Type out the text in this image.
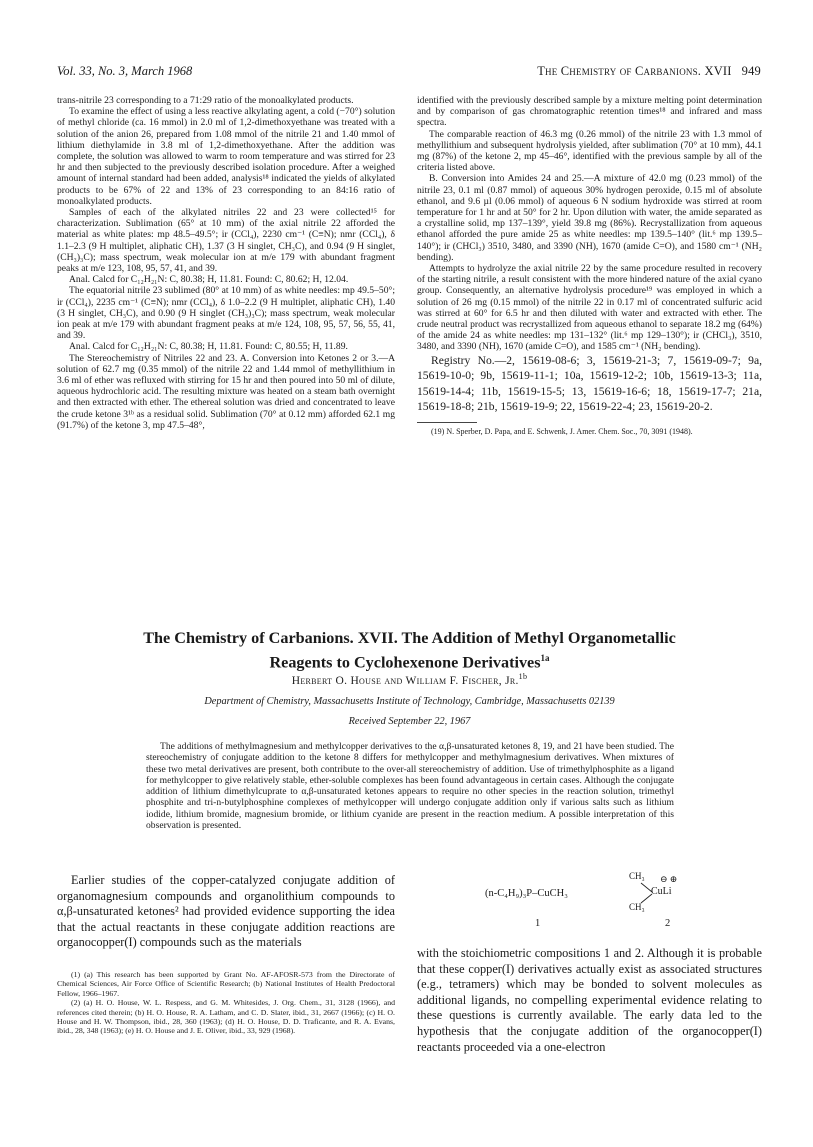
Vol. 33, No. 3, March 1968	The Chemistry of Carbanions. XVII 949

trans-nitrile 23 corresponding to a 71:29 ratio of the monoalkylated products.

To examine the effect of using a less reactive alkylating agent, a cold (−70°) solution of methyl chloride (ca. 16 mmol) in 2.0 ml of 1,2-dimethoxyethane was treated with a solution of the anion 26, prepared from 1.08 mmol of the nitrile 21 and 1.40 mmol of lithium diethylamide in 3.8 ml of 1,2-dimethoxyethane. After the addition was complete, the solution was allowed to warm to room temperature and was stirred for 23 hr and then subjected to the previously described isolation procedure. After a weighed amount of internal standard had been added, analysis¹⁸ indicated the yields of alkylated products to be 67% of 22 and 13% of 23 corresponding to an 84:16 ratio of monoalkylated products.

Samples of each of the alkylated nitriles 22 and 23 were collected¹⁵ for characterization. Sublimation (65° at 10 mm) of the axial nitrile 22 afforded the material as white plates: mp 48.5–49.5°; ir (CCl₄), 2230 cm⁻¹ (C≡N); nmr (CCl₄), δ 1.1–2.3 (9 H multiplet, aliphatic CH), 1.37 (3 H singlet, CH₃C), and 0.94 (9 H singlet, (CH₃)₃C); mass spectrum, weak molecular ion at m/e 179 with abundant fragment peaks at m/e 123, 108, 95, 57, 41, and 39.

Anal. Calcd for C₁₂H₂₁N: C, 80.38; H, 11.81. Found: C, 80.62; H, 12.04.

The equatorial nitrile 23 sublimed (80° at 10 mm) of as white needles: mp 49.5–50°; ir (CCl₄), 2235 cm⁻¹ (C≡N); nmr (CCl₄), δ 1.0–2.2 (9 H multiplet, aliphatic CH), 1.40 (3 H singlet, CH₃C), and 0.90 (9 H singlet (CH₃)₃C); mass spectrum, weak molecular ion peak at m/e 179 with abundant fragment peaks at m/e 124, 108, 95, 57, 56, 55, 41, and 39.

Anal. Calcd for C₁₂H₂₁N: C, 80.38; H, 11.81. Found: C, 80.55; H, 11.89.

The Stereochemistry of Nitriles 22 and 23. A. Conversion into Ketones 2 or 3.—A solution of 62.7 mg (0.35 mmol) of the nitrile 22 and 1.44 mmol of methyllithium in 3.6 ml of ether was refluxed with stirring for 15 hr and then poured into 50 ml of dilute, aqueous hydrochloric acid. The resulting mixture was heated on a steam bath overnight and then extracted with ether. The ethereal solution was dried and concentrated to leave the crude ketone 3¹ᵇ as a residual solid. Sublimation (70° at 0.12 mm) afforded 62.1 mg (91.7%) of the ketone 3, mp 47.5–48°,

identified with the previously described sample by a mixture melting point determination and by comparison of gas chromatographic retention times¹⁸ and infrared and mass spectra.

The comparable reaction of 46.3 mg (0.26 mmol) of the nitrile 23 with 1.3 mmol of methyllithium and subsequent hydrolysis yielded, after sublimation (70° at 10 mm), 44.1 mg (87%) of the ketone 2, mp 45–46°, identified with the previous sample by all of the criteria listed above.

B. Conversion into Amides 24 and 25.—A mixture of 42.0 mg (0.23 mmol) of the nitrile 23, 0.1 ml (0.87 mmol) of aqueous 30% hydrogen peroxide, 0.15 ml of absolute ethanol, and 9.6 µl (0.06 mmol) of aqueous 6 N sodium hydroxide was stirred at room temperature for 1 hr and at 50° for 2 hr. Upon dilution with water, the amide separated as a crystalline solid, mp 137–139°, yield 39.8 mg (86%). Recrystallization from aqueous ethanol afforded the pure amide 25 as white needles: mp 139.5–140° (lit.⁶ mp 139.5–140°); ir (CHCl₃) 3510, 3480, and 3390 (NH), 1670 (amide C=O), and 1580 cm⁻¹ (NH₂ bending).

Attempts to hydrolyze the axial nitrile 22 by the same procedure resulted in recovery of the starting nitrile, a result consistent with the more hindered nature of the axial cyano group. Consequently, an alternative hydrolysis procedure¹⁹ was employed in which a solution of 26 mg (0.15 mmol) of the nitrile 22 in 0.17 ml of concentrated sulfuric acid was stirred at 60° for 6.5 hr and then diluted with water and extracted with ether. The crude neutral product was recrystallized from aqueous ethanol to separate 18.2 mg (64%) of the amide 24 as white needles: mp 131–132° (lit.⁶ mp 129–130°); ir (CHCl₃), 3510, 3480, and 3390 (NH), 1670 (amide C=O), and 1585 cm⁻¹ (NH₂ bending).

Registry No.—2, 15619-08-6; 3, 15619-21-3; 7, 15619-09-7; 9a, 15619-10-0; 9b, 15619-11-1; 10a, 15619-12-2; 10b, 15619-13-3; 11a, 15619-14-4; 11b, 15619-15-5; 13, 15619-16-6; 18, 15619-17-7; 21a, 15619-18-8; 21b, 15619-19-9; 22, 15619-22-4; 23, 15619-20-2.

(19) N. Sperber, D. Papa, and E. Schwenk, J. Amer. Chem. Soc., 70, 3091 (1948).

The Chemistry of Carbanions. XVII. The Addition of Methyl Organometallic
Reagents to Cyclohexenone Derivatives$^{1a}$
Herbert O. House and William F. Fischer, Jr.$^{1b}$
Department of Chemistry, Massachusetts Institute of Technology, Cambridge, Massachusetts 02139
Received September 22, 1967
The additions of methylmagnesium and methylcopper derivatives to the α,β-unsaturated ketones 8, 19, and 21 have been studied. The stereochemistry of conjugate addition to the ketone 8 differs for methylcopper and methylmagnesium derivatives. When mixtures of these two metal derivatives are present, both contribute to the over-all stereochemistry of addition. Use of trimethylphosphite as a ligand for methylcopper to give relatively stable, ether-soluble complexes has been found advantageous in certain cases. Although the conjugate addition of lithium dimethylcuprate to α,β-unsaturated ketones appears to require no other species in the reaction solution, trimethyl phosphite and tri-n-butylphosphine complexes of methylcopper will undergo conjugate addition only if various salts such as lithium iodide, lithium bromide, magnesium bromide, or lithium cyanide are present in the reaction medium. A possible interpretation of this observation is presented.
Earlier studies of the copper-catalyzed conjugate addition of organomagnesium compounds and organolithium compounds to α,β-unsaturated ketones² had provided evidence supporting the idea that the actual reactants in these conjugate addition reactions are organocopper(I) compounds such as the materials

(1) (a) This research has been supported by Grant No. AF-AFOSR-573 from the Directorate of Chemical Sciences, Air Force Office of Scientific Research; (b) National Institutes of Health Predoctoral Fellow, 1966–1967.

(2) (a) H. O. House, W. L. Respess, and G. M. Whitesides, J. Org. Chem., 31, 3128 (1966), and references cited therein; (b) H. O. House, R. A. Latham, and C. D. Slater, ibid., 31, 2667 (1966); (c) H. O. House and H. W. Thompson, ibid., 28, 360 (1963); (d) H. O. House, D. D. Traficante, and R. A. Evans, ibid., 28, 348 (1963); (e) H. O. House and J. E. Oliver, ibid., 33, 929 (1968).

(n-C₄H₉)₃P–CuCH₃
1
CH₃ ⊖ ⊕
CuLi
CH₃
2
with the stoichiometric compositions 1 and 2. Although it is probable that these copper(I) derivatives actually exist as associated structures (e.g., tetramers) which may be bonded to solvent molecules as additional ligands, no compelling experimental evidence relating to these questions is currently available. The early data led to the hypothesis that the conjugate addition of the organocopper(I) reactants proceeded via a one-electron
